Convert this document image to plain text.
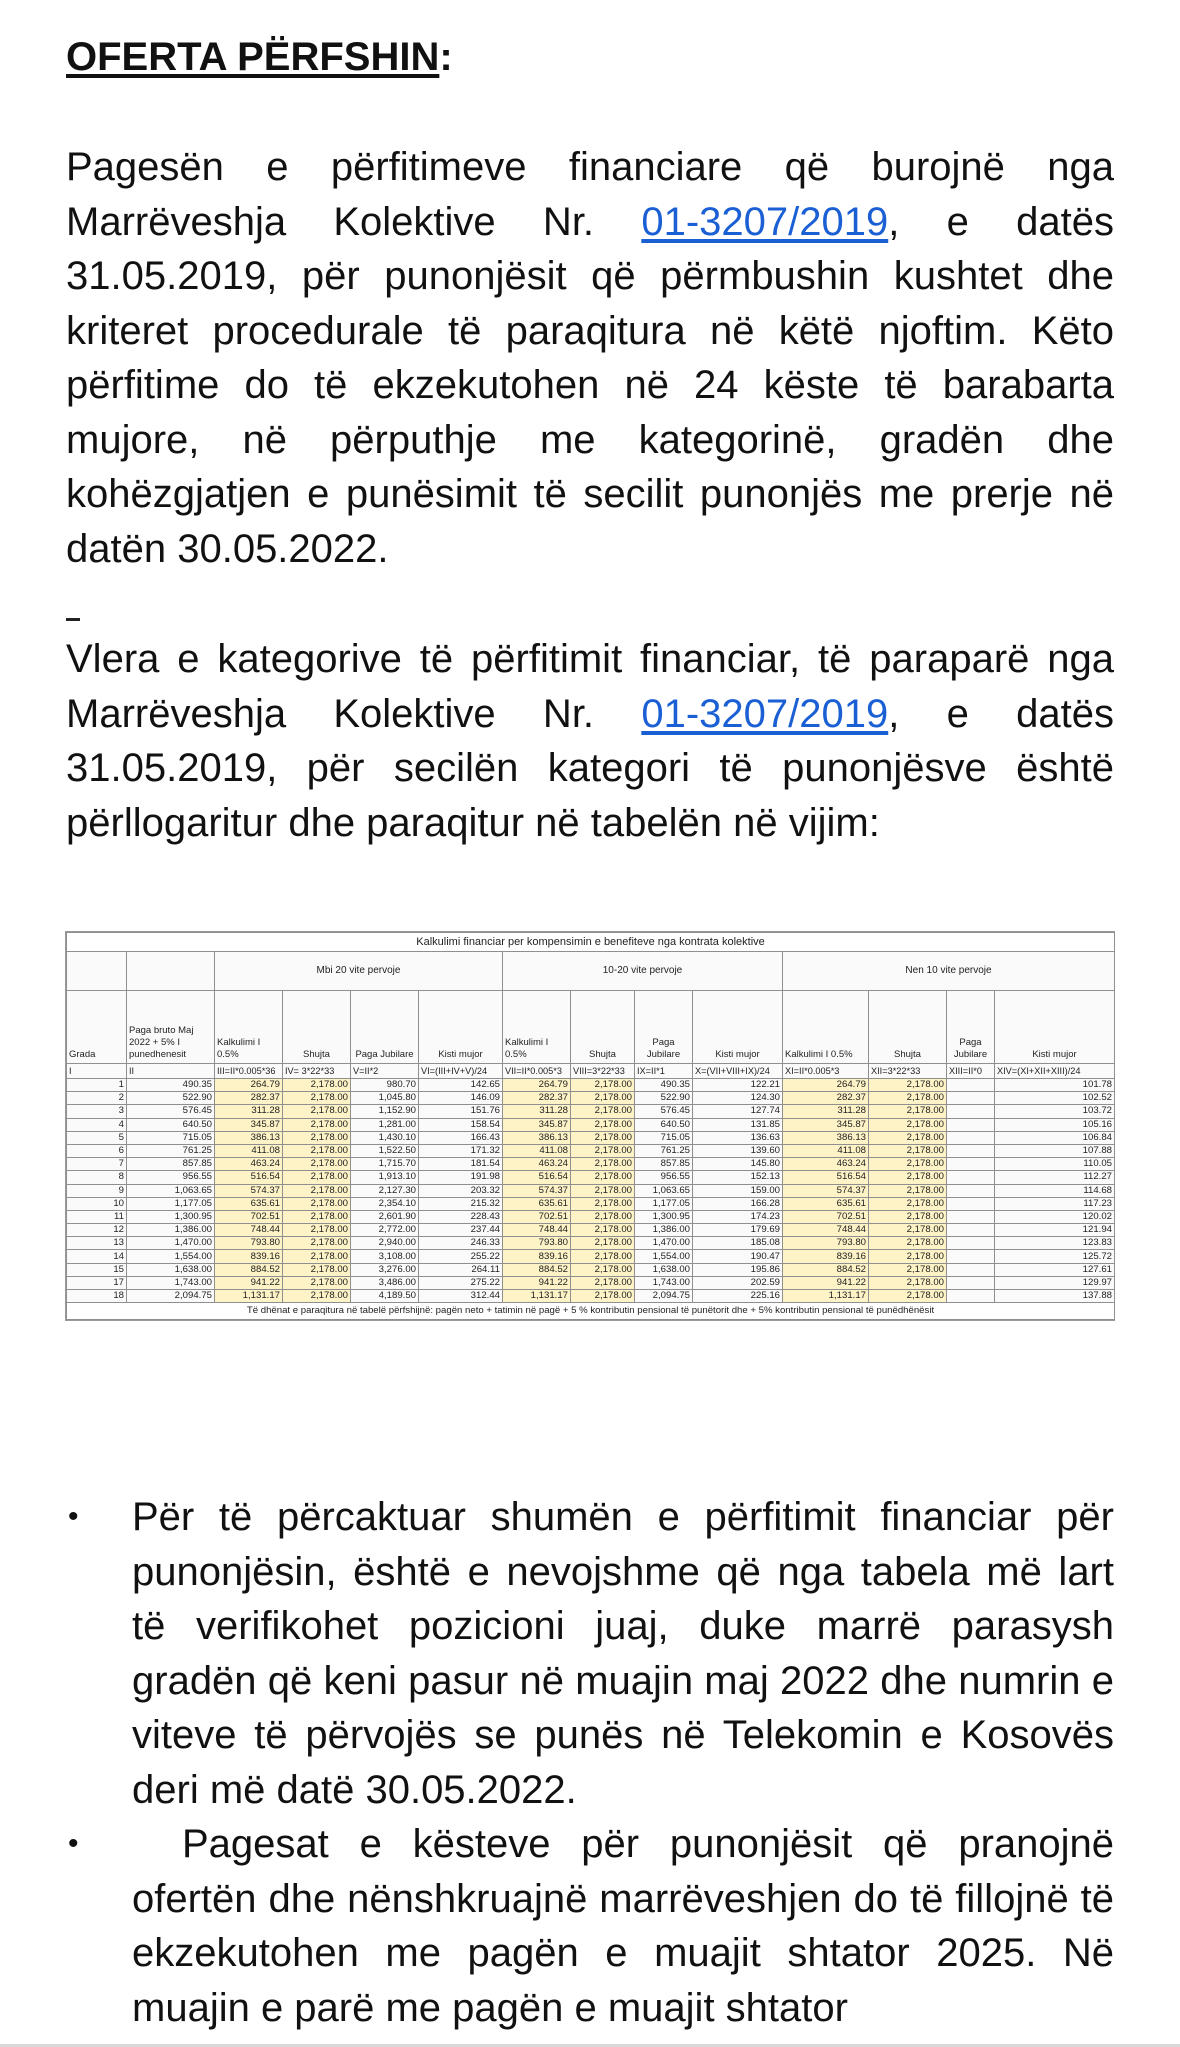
OFERTA PËRFSHIN:

Pagesën e përfitimeve financiare që burojnë nga Marrëveshja Kolektive Nr. 01-3207/2019, e datës 31.05.2019, për punonjësit që përmbushin kushtet dhe kriteret procedurale të paraqitura në këtë njoftim. Këto përfitime do të ekzekutohen në 24 këste të barabarta mujore, në përputhje me kategorinë, gradën dhe kohëzgjatjen e punësimit të secilit punonjës me prerje në datën 30.05.2022.

Vlera e kategorive të përfitimit financiar, të paraparë nga Marrëveshja Kolektive Nr. 01-3207/2019, e datës 31.05.2019, për secilën kategori të punonjësve është përllogaritur dhe paraqitur në tabelën në vijim:

Kalkulimi financiar per kompensimin e benefiteve nga kontrata kolektive													
		Mbi 20 vite pervoje				10-20 vite pervoje				Nen 10 vite pervoje			
Grada	Paga bruto Maj 2022 + 5% I punedhenesit	Kalkulimi I 0.5%	Shujta	Paga Jubilare	Kisti mujor	Kalkulimi I 0.5%	Shujta	Paga Jubilare	Kisti mujor	Kalkulimi I 0.5%	Shujta	Paga Jubilare	Kisti mujor
I	II	III=II*0.005*36	IV= 3*22*33	V=II*2	VI=(III+IV+V)/24	VII=II*0.005*3	VIII=3*22*33	IX=II*1	X=(VII+VIII+IX)/24	XI=II*0.005*3	XII=3*22*33	XIII=II*0	XIV=(XI+XII+XIII)/24
1	490.35	264.79	2,178.00	980.70	142.65	264.79	2,178.00	490.35	122.21	264.79	2,178.00		101.78
2	522.90	282.37	2,178.00	1,045.80	146.09	282.37	2,178.00	522.90	124.30	282.37	2,178.00		102.52
3	576.45	311.28	2,178.00	1,152.90	151.76	311.28	2,178.00	576.45	127.74	311.28	2,178.00		103.72
4	640.50	345.87	2,178.00	1,281.00	158.54	345.87	2,178.00	640.50	131.85	345.87	2,178.00		105.16
5	715.05	386.13	2,178.00	1,430.10	166.43	386.13	2,178.00	715.05	136.63	386.13	2,178.00		106.84
6	761.25	411.08	2,178.00	1,522.50	171.32	411.08	2,178.00	761.25	139.60	411.08	2,178.00		107.88
7	857.85	463.24	2,178.00	1,715.70	181.54	463.24	2,178.00	857.85	145.80	463.24	2,178.00		110.05
8	956.55	516.54	2,178.00	1,913.10	191.98	516.54	2,178.00	956.55	152.13	516.54	2,178.00		112.27
9	1,063.65	574.37	2,178.00	2,127.30	203.32	574.37	2,178.00	1,063.65	159.00	574.37	2,178.00		114.68
10	1,177.05	635.61	2,178.00	2,354.10	215.32	635.61	2,178.00	1,177.05	166.28	635.61	2,178.00		117.23
11	1,300.95	702.51	2,178.00	2,601.90	228.43	702.51	2,178.00	1,300.95	174.23	702.51	2,178.00		120.02
12	1,386.00	748.44	2,178.00	2,772.00	237.44	748.44	2,178.00	1,386.00	179.69	748.44	2,178.00		121.94
13	1,470.00	793.80	2,178.00	2,940.00	246.33	793.80	2,178.00	1,470.00	185.08	793.80	2,178.00		123.83
14	1,554.00	839.16	2,178.00	3,108.00	255.22	839.16	2,178.00	1,554.00	190.47	839.16	2,178.00		125.72
15	1,638.00	884.52	2,178.00	3,276.00	264.11	884.52	2,178.00	1,638.00	195.86	884.52	2,178.00		127.61
17	1,743.00	941.22	2,178.00	3,486.00	275.22	941.22	2,178.00	1,743.00	202.59	941.22	2,178.00		129.97
18	2,094.75	1,131.17	2,178.00	4,189.50	312.44	1,131.17	2,178.00	2,094.75	225.16	1,131.17	2,178.00		137.88
Të dhënat e paraqitura në tabelë përfshijnë: pagën neto + tatimin në pagë + 5 % kontributin pensional të punëtorit dhe + 5% kontributin pensional të punëdhënësit													
• Për të përcaktuar shumën e përfitimit financiar për punonjësin, është e nevojshme që nga tabela më lart të verifikohet pozicioni juaj, duke marrë parasysh gradën që keni pasur në muajin maj 2022 dhe numrin e viteve të përvojës se punës në Telekomin e Kosovës deri më datë 30.05.2022.
•	Pagesat e kësteve për punonjësit që pranojnë ofertën dhe nënshkruajnë marrëveshjen do të fillojnë të ekzekutohen me pagën e muajit shtator 2025. Në muajin e parë me pagën e muajit shtator
